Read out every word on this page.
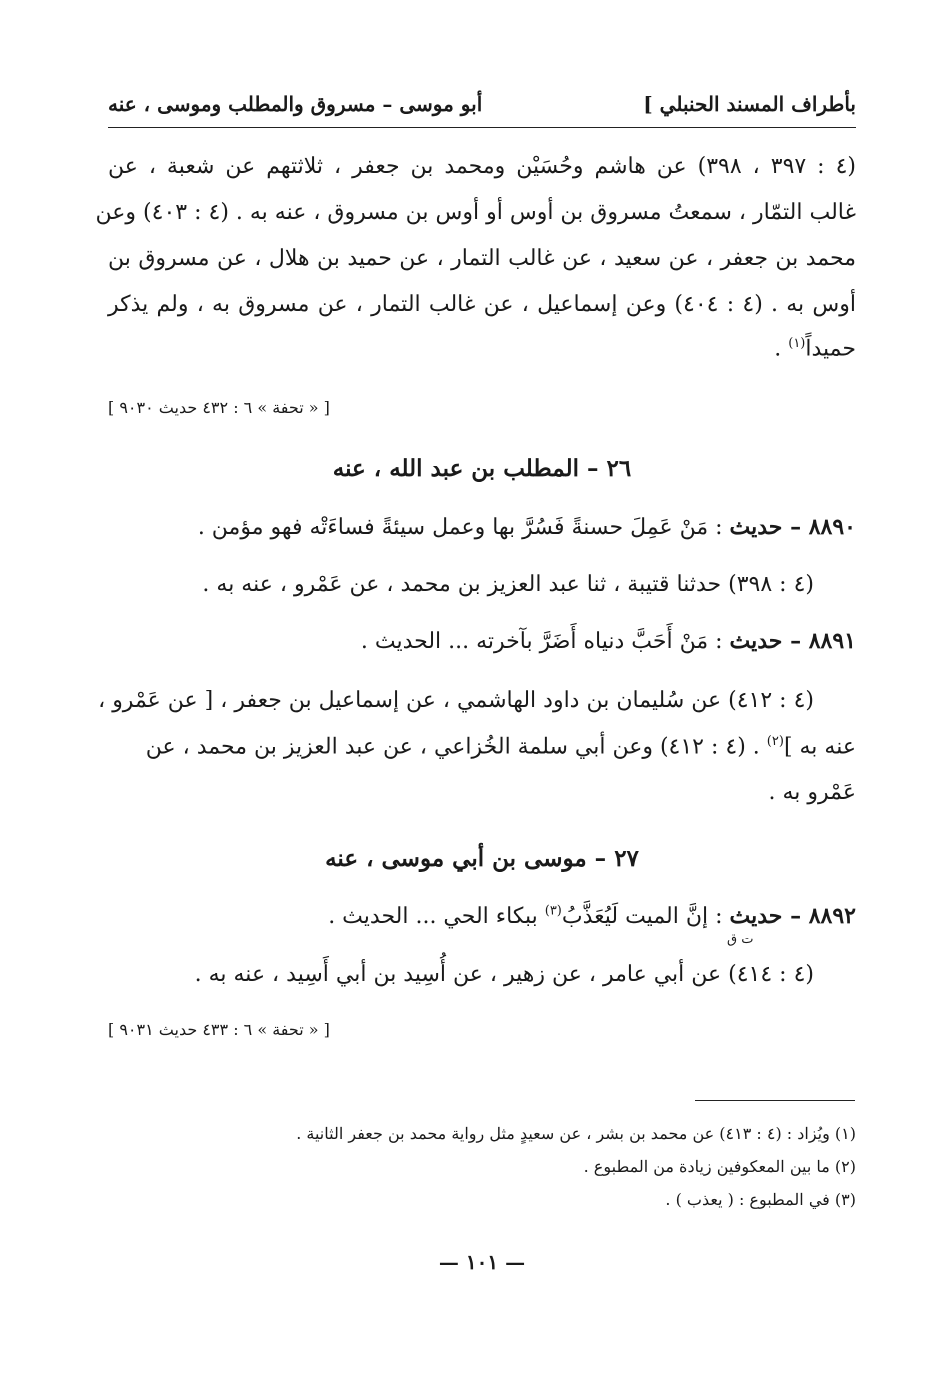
بأطراف المسند الحنبلي ]
أبو موسى – مسروق والمطلب وموسى ، عنه
(٤ : ٣٩٧ ، ٣٩٨) عن هاشم وحُسَيْن ومحمد بن جعفر ، ثلاثتهم عن شعبة ، عن
غالب التمّار ، سمعتُ مسروق بن أوس أو أوس بن مسروق ، عنه به . (٤ : ٤٠٣) وعن
محمد بن جعفر ، عن سعيد ، عن غالب التمار ، عن حميد بن هلال ، عن مسروق بن
أوس به . (٤ : ٤٠٤) وعن إسماعيل ، عن غالب التمار ، عن مسروق به ، ولم يذكر
حميداً$^{(١)}$ .
[ « تحفة » ٦ : ٤٣٢ حديث ٩٠٣٠ ]
٢٦ – المطلب بن عبد الله ، عنه
٨٨٩٠ – حديث : مَنْ عَمِلَ حسنةً فَسُرَّ بها وعمل سيئةً فساءَتْه فهو مؤمن .
(٤ : ٣٩٨) حدثنا قتيبة ، ثنا عبد العزيز بن محمد ، عن عَمْرو ، عنه به .
٨٨٩١ – حديث : مَنْ أَحَبَّ دنياه أَضَرَّ بآخرته ... الحديث .
(٤ : ٤١٢) عن سُليمان بن داود الهاشمي ، عن إسماعيل بن جعفر ، [ عن عَمْرو ،
عنه به ]$^{(٢)}$ . (٤ : ٤١٢) وعن أبي سلمة الخُزاعي ، عن عبد العزيز بن محمد ، عن
عَمْرو به .
٢٧ – موسى بن أبي موسى ، عنه
٨٨٩٢ – حديث : إنَّ الميت لَيُعَذَّبُ$^{(٣)}$ ببكاء الحي ... الحديث .
ت ق
(٤ : ٤١٤) عن أبي عامر ، عن زهير ، عن أُسِيد بن أبي أَسِيد ، عنه به .
[ « تحفة » ٦ : ٤٣٣ حديث ٩٠٣١ ]
(١) ويُزاد : (٤ : ٤١٣) عن محمد بن بشر ، عن سعيدٍ مثل رواية محمد بن جعفر الثانية .
(٢) ما بين المعكوفين زيادة من المطبوع .
(٣) في المطبوع : ( يعذب ) .
— ١٠١ —
